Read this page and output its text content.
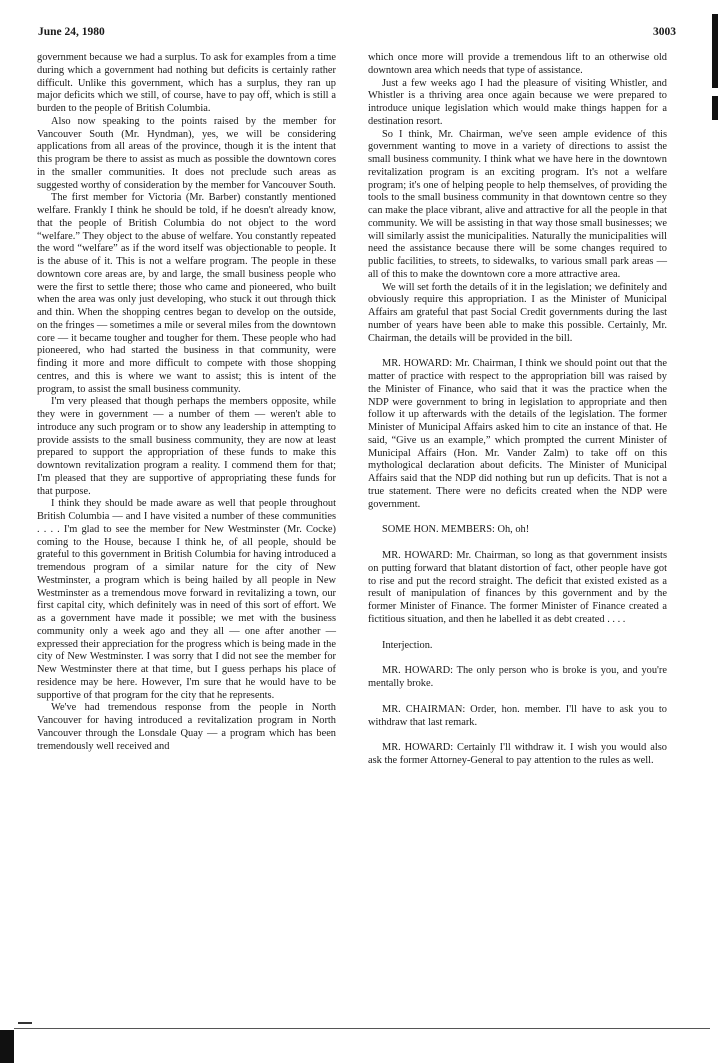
June 24, 1980	3003

government because we had a surplus. To ask for examples from a time during which a government had nothing but deficits is certainly rather difficult. Unlike this government, which has a surplus, they ran up major deficits which we still, of course, have to pay off, which is still a burden to the people of British Columbia.

Also now speaking to the points raised by the member for Vancouver South (Mr. Hyndman), yes, we will be considering applications from all areas of the province, though it is the intent that this program be there to assist as much as possible the downtown cores in the smaller communities. It does not preclude such areas as suggested worthy of consideration by the member for Vancouver South.

The first member for Victoria (Mr. Barber) constantly mentioned welfare. Frankly I think he should be told, if he doesn't already know, that the people of British Columbia do not object to the word “welfare.” They object to the abuse of welfare. You constantly repeated the word “welfare” as if the word itself was objectionable to people. It is the abuse of it. This is not a welfare program. The people in these downtown core areas are, by and large, the small business people who were the first to settle there; those who came and pioneered, who built when the area was only just developing, who stuck it out through thick and thin. When the shopping centres began to develop on the outside, on the fringes — sometimes a mile or several miles from the downtown core — it became tougher and tougher for them. These people who had pioneered, who had started the business in that community, were finding it more and more difficult to compete with those shopping centres, and this is where we want to assist; this is intent of the program, to assist the small business community.

I'm very pleased that though perhaps the members opposite, while they were in government — a number of them — weren't able to introduce any such program or to show any leadership in attempting to provide assists to the small business community, they are now at least prepared to support the appropriation of these funds to make this downtown revitalization program a reality. I commend them for that; I'm pleased that they are supportive of appropriating these funds for that purpose.

I think they should be made aware as well that people throughout British Columbia — and I have visited a number of these communities . . . . I'm glad to see the member for New Westminster (Mr. Cocke) coming to the House, because I think he, of all people, should be grateful to this government in British Columbia for having introduced a tremendous program of a similar nature for the city of New Westminster, a program which is being hailed by all people in New Westminster as a tremendous move forward in revitalizing a town, our first capital city, which definitely was in need of this sort of effort. We as a government have made it possible; we met with the business community only a week ago and they all — one after another — expressed their appreciation for the progress which is being made in the city of New Westminster. I was sorry that I did not see the member for New Westminster there at that time, but I guess perhaps his place of residence may be here. However, I'm sure that he would have to be supportive of that program for the city that he represents.

We've had tremendous response from the people in North Vancouver for having introduced a revitalization program in North Vancouver through the Lonsdale Quay — a program which has been tremendously well received and

which once more will provide a tremendous lift to an otherwise old downtown area which needs that type of assistance.

Just a few weeks ago I had the pleasure of visiting Whistler, and Whistler is a thriving area once again because we were prepared to introduce unique legislation which would make things happen for a destination resort.

So I think, Mr. Chairman, we've seen ample evidence of this government wanting to move in a variety of directions to assist the small business community. I think what we have here in the downtown revitalization program is an exciting program. It's not a welfare program; it's one of helping people to help themselves, of providing the tools to the small business community in that downtown centre so they can make the place vibrant, alive and attractive for all the people in that community. We will be assisting in that way those small businesses; we will similarly assist the municipalities. Naturally the municipalities will need the assistance because there will be some changes required to public facilities, to streets, to sidewalks, to various small park areas — all of this to make the downtown core a more attractive area.

We will set forth the details of it in the legislation; we definitely and obviously require this appropriation. I as the Minister of Municipal Affairs am grateful that past Social Credit governments during the last number of years have been able to make this possible. Certainly, Mr. Chairman, the details will be provided in the bill.

MR. HOWARD: Mr. Chairman, I think we should point out that the matter of practice with respect to the appropriation bill was raised by the Minister of Finance, who said that it was the practice when the NDP were government to bring in legislation to appropriate and then follow it up afterwards with the details of the legislation. The former Minister of Municipal Affairs asked him to cite an instance of that. He said, “Give us an example,” which prompted the current Minister of Municipal Affairs (Hon. Mr. Vander Zalm) to take off on this mythological declaration about deficits. The Minister of Municipal Affairs said that the NDP did nothing but run up deficits. That is not a true statement. There were no deficits created when the NDP were government.

SOME HON. MEMBERS: Oh, oh!

MR. HOWARD: Mr. Chairman, so long as that government insists on putting forward that blatant distortion of fact, other people have got to rise and put the record straight. The deficit that existed existed as a result of manipulation of finances by this government and by the former Minister of Finance. The former Minister of Finance created a fictitious situation, and then he labelled it as debt created . . . .

Interjection.

MR. HOWARD: The only person who is broke is you, and you're mentally broke.

MR. CHAIRMAN: Order, hon. member. I'll have to ask you to withdraw that last remark.

MR. HOWARD: Certainly I'll withdraw it. I wish you would also ask the former Attorney-General to pay attention to the rules as well.
